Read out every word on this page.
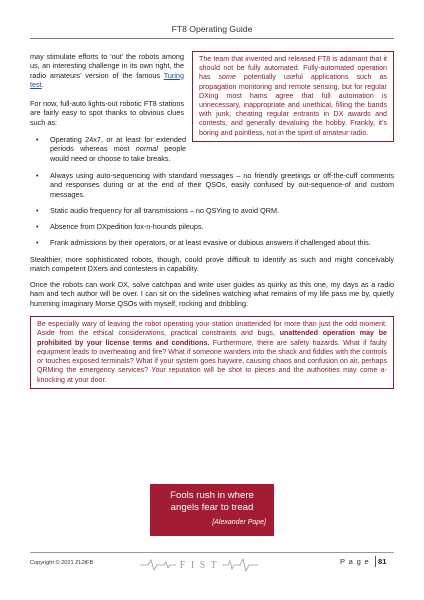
FT8 Operating Guide

may stimulate efforts to ‘out’ the robots among us, an interesting challenge in its own right, the radio amateurs’ version of the famous Turing test.

For now, full-auto lights-out robotic FT8 stations are fairly easy to spot thanks to obvious clues such as:

The team that invented and released FT8 is adamant that it should not be fully automated. Fully-automated operation has some potentially useful applications such as propagation monitoring and remote sensing, but for regular DXing most hams agree that full automation is unnecessary, inappropriate and unethical, filling the bands with junk, cheating regular entrants in DX awards and contests, and generally devaluing the hobby. Frankly, it’s boring and pointless, not in the spirit of amateur radio.
• Operating 24x7, or at least for extended periods whereas most normal people would need or choose to take breaks.
• Always using auto-sequencing with standard messages – no friendly greetings or off-the-cuff comments and responses during or at the end of their QSOs, easily confused by out-sequence-of and custom messages.
• Static audio frequency for all transmissions – no QSYing to avoid QRM.
• Absence from DXpedition fox-n-hounds pileups.
• Frank admissions by their operators, or at least evasive or dubious answers if challenged about this.

Stealthier, more sophisticated robots, though, could prove difficult to identify as such and might conceivably match competent DXers and contesters in capability.

Once the robots can work DX, solve catchpas and write user guides as quirky as this one, my days as a radio ham and tech author will be over. I can sit on the sidelines watching what remains of my life pass me by, quietly humming imaginary Morse QSOs with myself, rocking and dribbling.

Be especially wary of leaving the robot operating your station unattended for more than just the odd moment. Aside from the ethical considerations, practical constraints and bugs, unattended operation may be prohibited by your license terms and conditions. Furthermore, there are safety hazards. What if faulty equipment leads to overheating and fire? What if someone wanders into the shack and fiddles with the controls or touches exposed terminals? What if your system goes haywire, causing chaos and confusion on air, perhaps QRMing the emergency services? Your reputation will be shot to pieces and the authorities may come a-knocking at your door.
Fools rush in where
angels fear to tread
[Alexander Pope]
Copyright © 2021 ZL2iFB	F I S T	P a g e 81
